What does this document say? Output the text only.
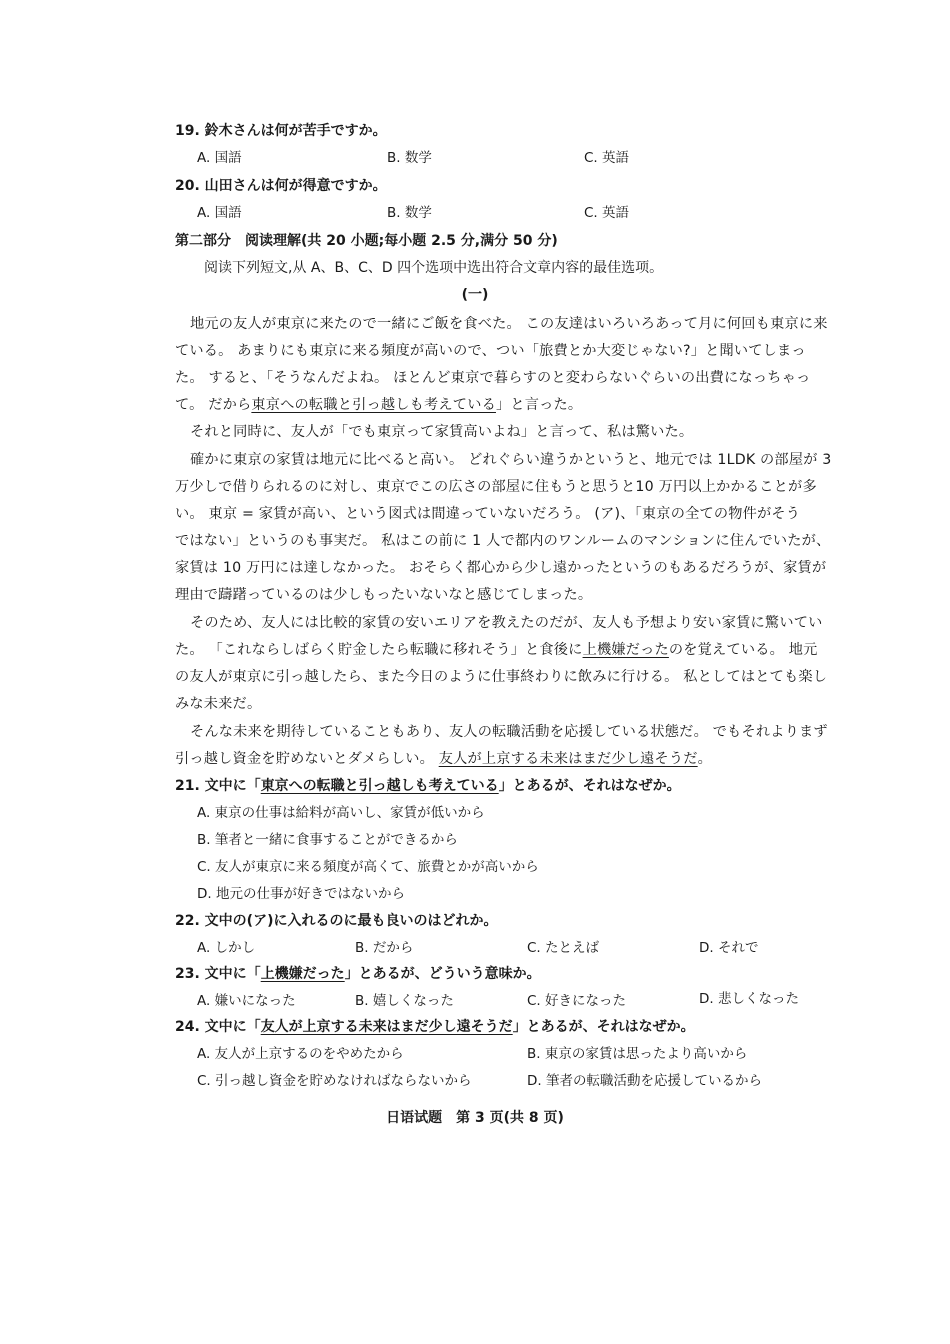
19. 鈴木さんは何が苦手ですか。
A. 国語	B. 数学	C. 英語
20. 山田さんは何が得意ですか。
A. 国語	B. 数学	C. 英語
第二部分　阅读理解(共 20 小题;每小题 2.5 分,满分 50 分)
阅读下列短文,从 A、B、C、D 四个选项中选出符合文章内容的最佳选项。
(一)
地元の友人が東京に来たので一緒にご飯を食べた。 この友達はいろいろあって月に何回も東京に来
ている。 あまりにも東京に来る頻度が高いので、つい「旅費とか大変じゃない?」と聞いてしまっ
た。 すると、「そうなんだよね。 ほとんど東京で暮らすのと変わらないぐらいの出費になっちゃっ
て。 だから東京への転職と引っ越しも考えている」と言った。
それと同時に、友人が「でも東京って家賃高いよね」と言って、私は驚いた。
確かに東京の家賃は地元に比べると高い。 どれぐらい違うかというと、地元では 1LDK の部屋が 3
万少しで借りられるのに対し、東京でこの広さの部屋に住もうと思うと10 万円以上かかることが多
い。 東京 = 家賃が高い、という図式は間違っていないだろう。 (ア)、「東京の全ての物件がそう
ではない」というのも事実だ。 私はこの前に 1 人で都内のワンルームのマンションに住んでいたが、
家賃は 10 万円には達しなかった。 おそらく都心から少し遠かったというのもあるだろうが、家賃が
理由で躊躇っているのは少しもったいないなと感じてしまった。
そのため、友人には比較的家賃の安いエリアを教えたのだが、友人も予想より安い家賃に驚いてい
た。 「これならしばらく貯金したら転職に移れそう」と食後に上機嫌だったのを覚えている。 地元
の友人が東京に引っ越したら、また今日のように仕事終わりに飲みに行ける。 私としてはとても楽し
みな未来だ。
そんな未来を期待していることもあり、友人の転職活動を応援している状態だ。 でもそれよりまず
引っ越し資金を貯めないとダメらしい。 友人が上京する未来はまだ少し遠そうだ。
21. 文中に「東京への転職と引っ越しも考えている」とあるが、それはなぜか。
A. 東京の仕事は給料が高いし、家賃が低いから
B. 筆者と一緒に食事することができるから
C. 友人が東京に来る頻度が高くて、旅費とかが高いから
D. 地元の仕事が好きではないから
22. 文中の(ア)に入れるのに最も良いのはどれか。
A. しかし	B. だから	C. たとえば	D. それで
23. 文中に「上機嫌だった」とあるが、どういう意味か。
A. 嫌いになった	B. 嬉しくなった	C. 好きになった	D. 悲しくなった
24. 文中に「友人が上京する未来はまだ少し遠そうだ」とあるが、それはなぜか。
A. 友人が上京するのをやめたから	B. 東京の家賃は思ったより高いから
C. 引っ越し資金を貯めなければならないから	D. 筆者の転職活動を応援しているから
日语试题　第 3 页(共 8 页)
